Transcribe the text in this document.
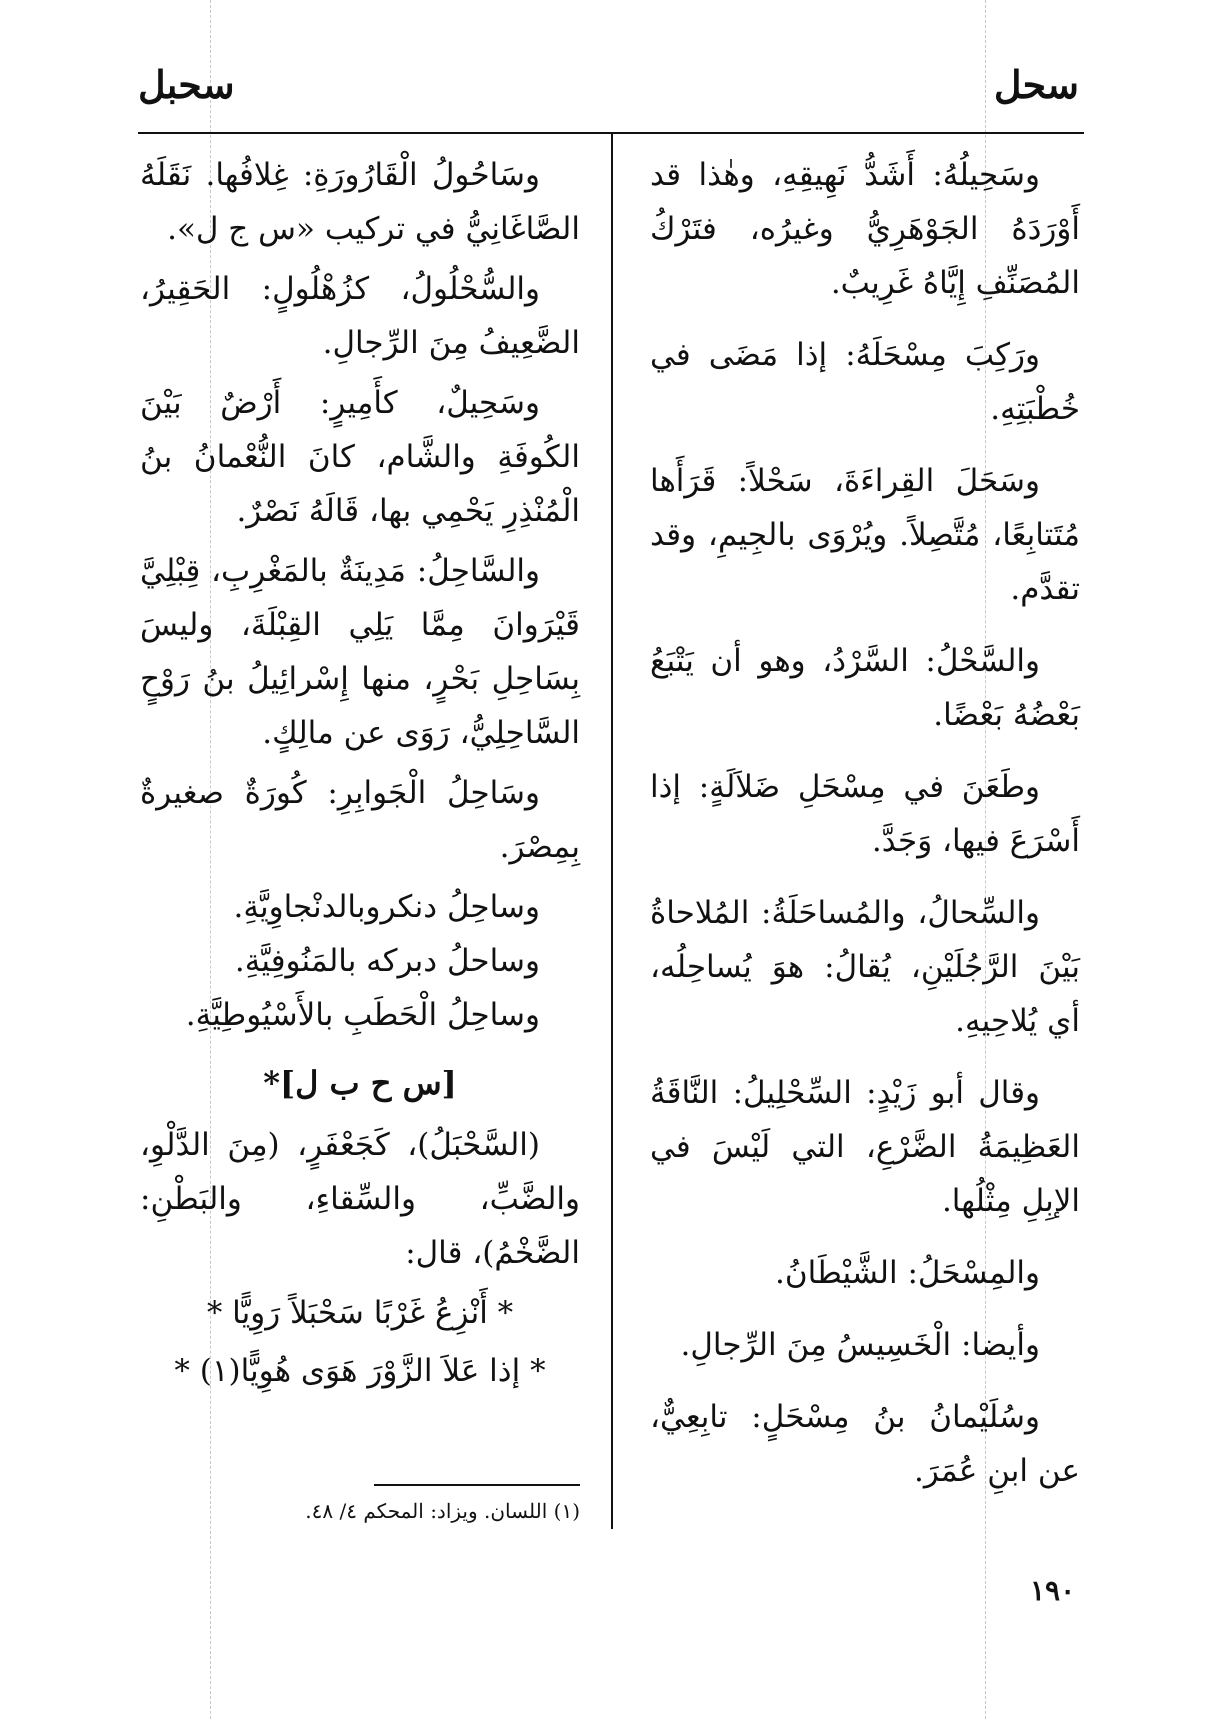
سحل
سحبل

وسَحِيلُهُ: أَشَدُّ نَهِيقِهِ، وهٰذا قد أَوْرَدَهُ الجَوْهَرِيُّ وغيرُه، فتَرْكُ المُصَنِّفِ إِيَّاهُ غَرِيبٌ.

ورَكِبَ مِسْحَلَهُ: إذا مَضَى في خُطْبَتِهِ.

وسَحَلَ القِراءَةَ، سَحْلاً: قَرَأَها مُتَتابِعًا، مُتَّصِلاً. ويُرْوَى بالجِيمِ، وقد تقدَّم.

والسَّحْلُ: السَّرْدُ، وهو أن يَتْبَعُ بَعْضُهُ بَعْضًا.

وطَعَنَ في مِسْحَلِ ضَلاَلَةٍ: إذا أَسْرَعَ فيها، وَجَدَّ.

والسِّحالُ، والمُساحَلَةُ: المُلاحاةُ بَيْنَ الرَّجُلَيْنِ، يُقالُ: هوَ يُساحِلُه، أي يُلاحِيهِ.

وقال أبو زَيْدٍ: السِّحْلِيلُ: النَّاقَةُ العَظِيمَةُ الضَّرْعِ، التي لَيْسَ في الإبِلِ مِثْلُها.

والمِسْحَلُ: الشَّيْطَانُ.

وأيضا: الْخَسِيسُ مِنَ الرِّجالِ.

وسُلَيْمانُ بنُ مِسْحَلٍ: تابِعِيٌّ، عن ابنِ عُمَرَ.

وسَاحُولُ الْقَارُورَةِ: غِلافُها. نَقَلَهُ الصَّاغَانِيُّ في تركيب «س ج ل».

والسُّحْلُولُ، كزُهْلُولٍ: الحَقِيرُ، الضَّعِيفُ مِنَ الرِّجالِ.

وسَحِيلٌ، كأَمِيرٍ: أَرْضٌ بَيْنَ الكُوفَةِ والشَّام، كانَ النُّعْمانُ بنُ الْمُنْذِرِ يَحْمِي بها، قَالَهُ نَصْرٌ.

والسَّاحِلُ: مَدِينَةٌ بالمَغْرِبِ، قِبْلِيَّ قَيْرَوانَ مِمَّا يَلِي القِبْلَةَ، وليسَ بِسَاحِلِ بَحْرٍ، منها إِسْرائِيلُ بنُ رَوْحٍ السَّاحِلِيُّ، رَوَى عن مالِكٍ.

وسَاحِلُ الْجَوابِرِ: كُورَةٌ صغيرةٌ بِمِصْرَ.

وساحِلُ دنكروبالدنْجاوِيَّةِ.

وساحلُ دبركه بالمَنُوفِيَّةِ.

وساحِلُ الْحَطَبِ بالأَسْيُوطِيَّةِ.

[س ح ب ل]*

(السَّحْبَلُ)، كَجَعْفَرٍ، (مِنَ الدَّلْوِ، والضَّبِّ، والسِّقاءِ، والبَطْنِ: الضَّخْمُ)، قال:

* أَنْزِعُ غَرْبًا سَحْبَلاً رَوِيًّا *

* إذا عَلاَ الزَّوْرَ هَوَى هُوِيًّا(١) *

(١) اللسان. ويزاد: المحكم ٤/ ٤٨.
١٩٠
